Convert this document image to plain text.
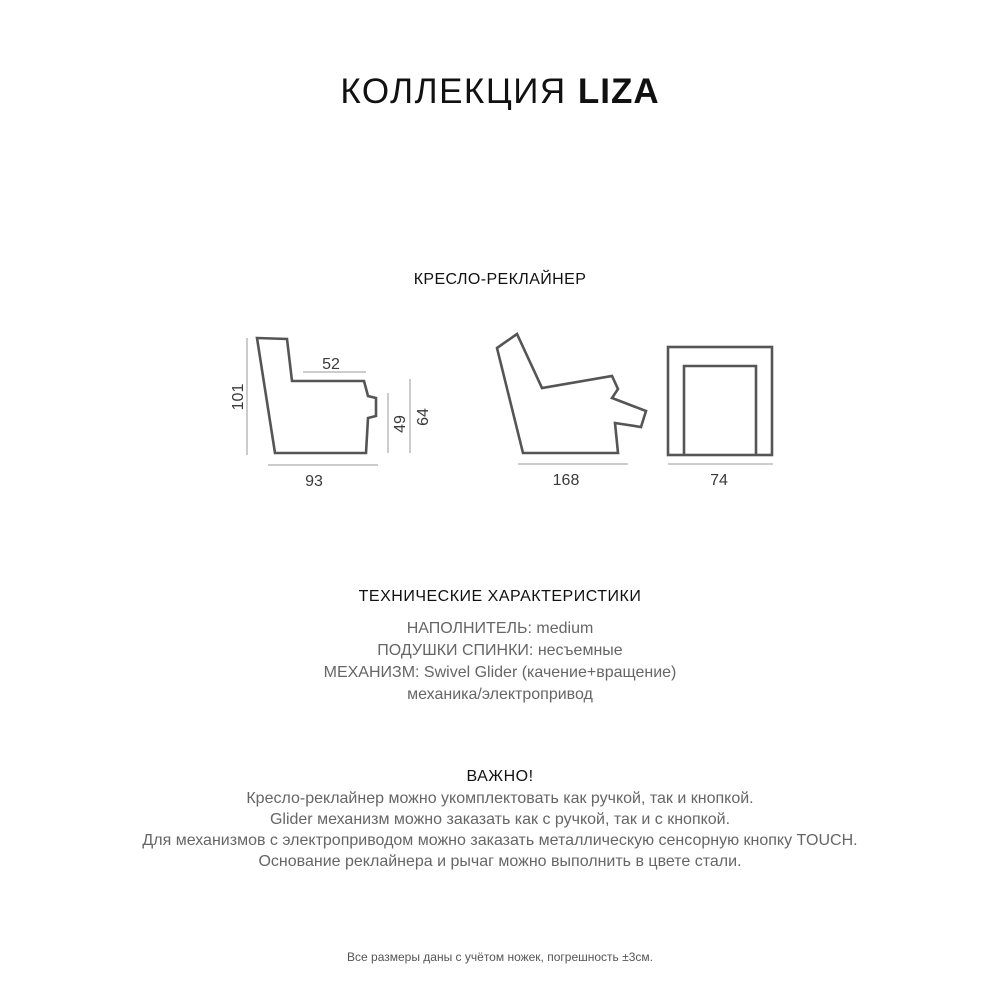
КОЛЛЕКЦИЯ LIZA
КРЕСЛО-РЕКЛАЙНЕР
101
52
49 64
93	168	74
ТЕХНИЧЕСКИЕ ХАРАКТЕРИСТИКИ
НАПОЛНИТЕЛЬ: medium
ПОДУШКИ СПИНКИ: несъемные
МЕХАНИЗМ: Swivel Glider (качение+вращение)
механика/электропривод
ВАЖНО!
Кресло-реклайнер можно укомплектовать как ручкой, так и кнопкой.
Glider механизм можно заказать как с ручкой, так и с кнопкой.
Для механизмов с электроприводом можно заказать металлическую сенсорную кнопку TOUCH.
Основание реклайнера и рычаг можно выполнить в цвете стали.
Все размеры даны с учётом ножек, погрешность ±3см.
